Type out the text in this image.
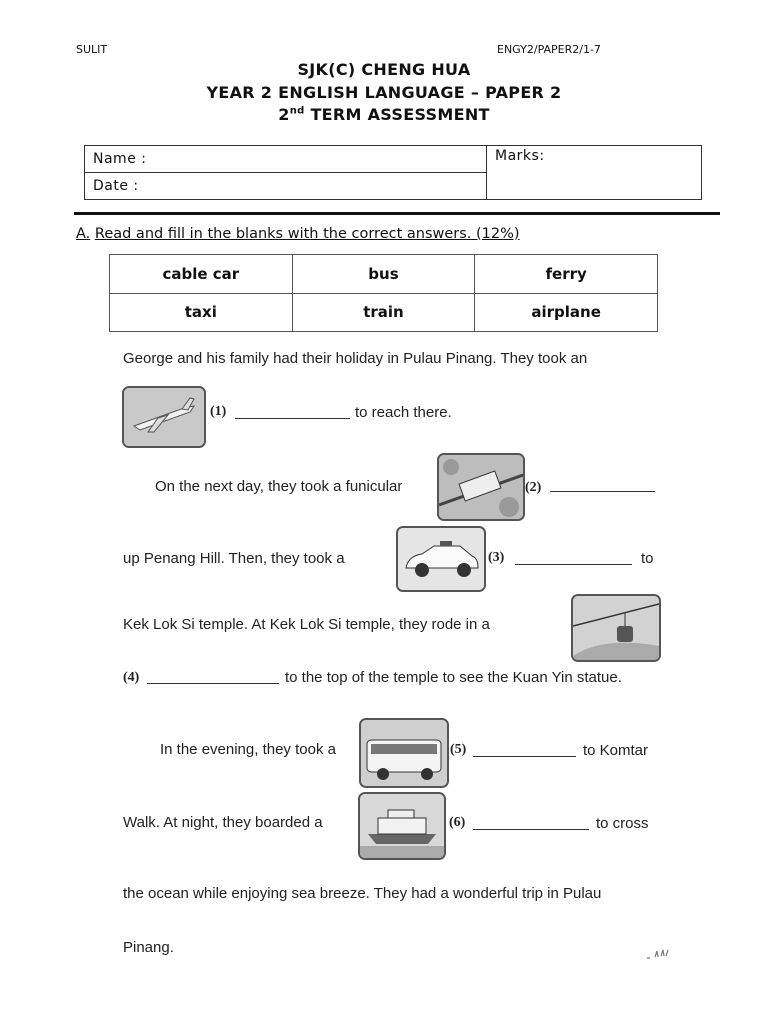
SULIT	ENGY2/PAPER2/1-7
SJK(C) CHENG HUA
YEAR 2 ENGLISH LANGUAGE – PAPER 2
2nd TERM ASSESSMENT
Name :	Marks:
Date :
A. Read and fill in the blanks with the correct answers. (12%)
cable car	bus	ferry
taxi	train	airplane
George and his family had their holiday in Pulau Pinang. They took an
(1)	to reach there.
On the next day, they took a funicular	(2)
up Penang Hill. Then, they took a	(3)	to
Kek Lok Si temple. At Kek Lok Si temple, they rode in a
(4)	to the top of the temple to see the Kuan Yin statue.
In the evening, they took a	(5)	to Komtar
Walk. At night, they boarded a	(6)	to cross
the ocean while enjoying sea breeze. They had a wonderful trip in Pulau
Pinang.
